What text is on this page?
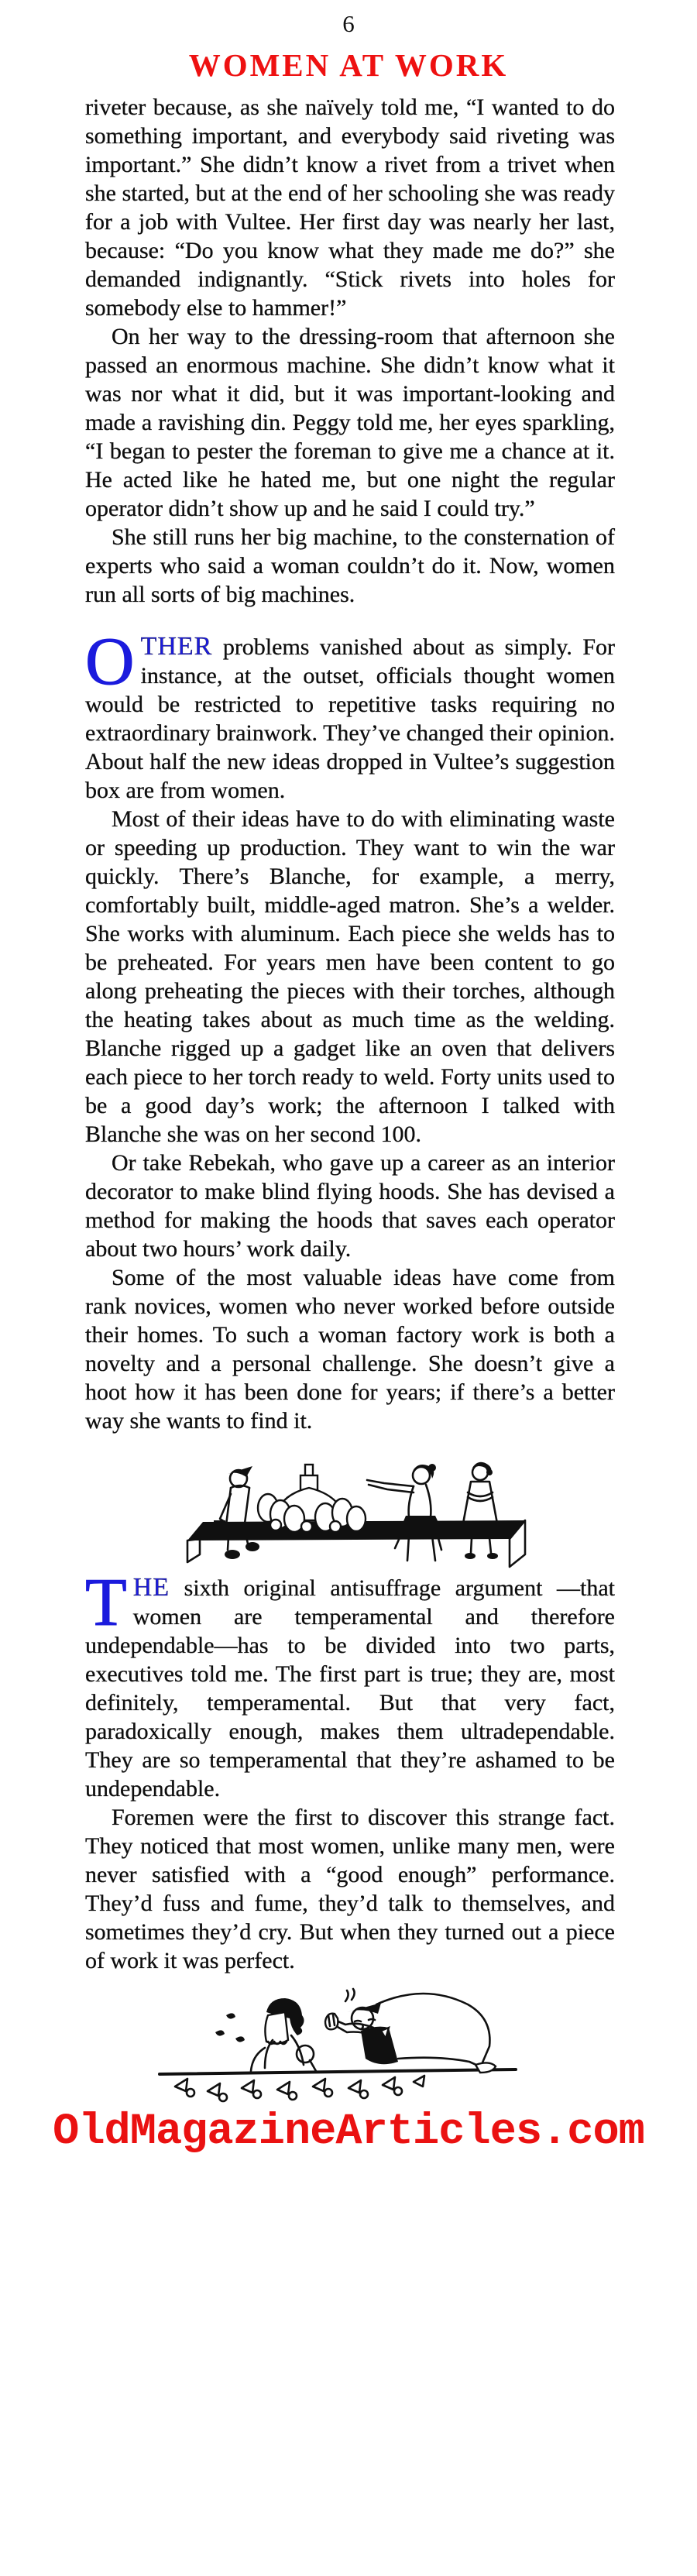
6
WOMEN AT WORK

riveter because, as she naïvely told me, “I wanted to do something important, and everybody said riveting was important.” She didn’t know a rivet from a trivet when she started, but at the end of her schooling she was ready for a job with Vultee. Her first day was nearly her last, because: “Do you know what they made me do?” she demanded indignantly. “Stick rivets into holes for somebody else to hammer!”

On her way to the dressing-room that afternoon she passed an enormous machine. She didn’t know what it was nor what it did, but it was important-looking and made a ravishing din. Peggy told me, her eyes sparkling, “I began to pester the foreman to give me a chance at it. He acted like he hated me, but one night the regular operator didn’t show up and he said I could try.”

She still runs her big machine, to the consternation of experts who said a woman couldn’t do it. Now, women run all sorts of big machines.

OTHER problems vanished about as simply. For instance, at the outset, officials thought women would be restricted to repetitive tasks requiring no extraordinary brainwork. They’ve changed their opinion. About half the new ideas dropped in Vultee’s suggestion box are from women.

Most of their ideas have to do with eliminating waste or speeding up production. They want to win the war quickly. There’s Blanche, for example, a merry, comfortably built, middle-aged matron. She’s a welder. She works with aluminum. Each piece she welds has to be preheated. For years men have been content to go along preheating the pieces with their torches, although the heating takes about as much time as the welding. Blanche rigged up a gadget like an oven that delivers each piece to her torch ready to weld. Forty units used to be a good day’s work; the afternoon I talked with Blanche she was on her second 100.

Or take Rebekah, who gave up a career as an interior decorator to make blind flying hoods. She has devised a method for making the hoods that saves each operator about two hours’ work daily.

Some of the most valuable ideas have come from rank novices, women who never worked before outside their homes. To such a woman factory work is both a novelty and a personal challenge. She doesn’t give a hoot how it has been done for years; if there’s a better way she wants to find it.

THE sixth original antisuffrage argument —that women are temperamental and therefore undependable—has to be divided into two parts, executives told me. The first part is true; they are, most definitely, temperamental. But that very fact, paradoxically enough, makes them ultradependable. They are so temperamental that they’re ashamed to be undependable.

Foremen were the first to discover this strange fact. They noticed that most women, unlike many men, were never satisfied with a “good enough” performance. They’d fuss and fume, they’d talk to themselves, and sometimes they’d cry. But when they turned out a piece of work it was perfect.

OldMagazineArticles.com
